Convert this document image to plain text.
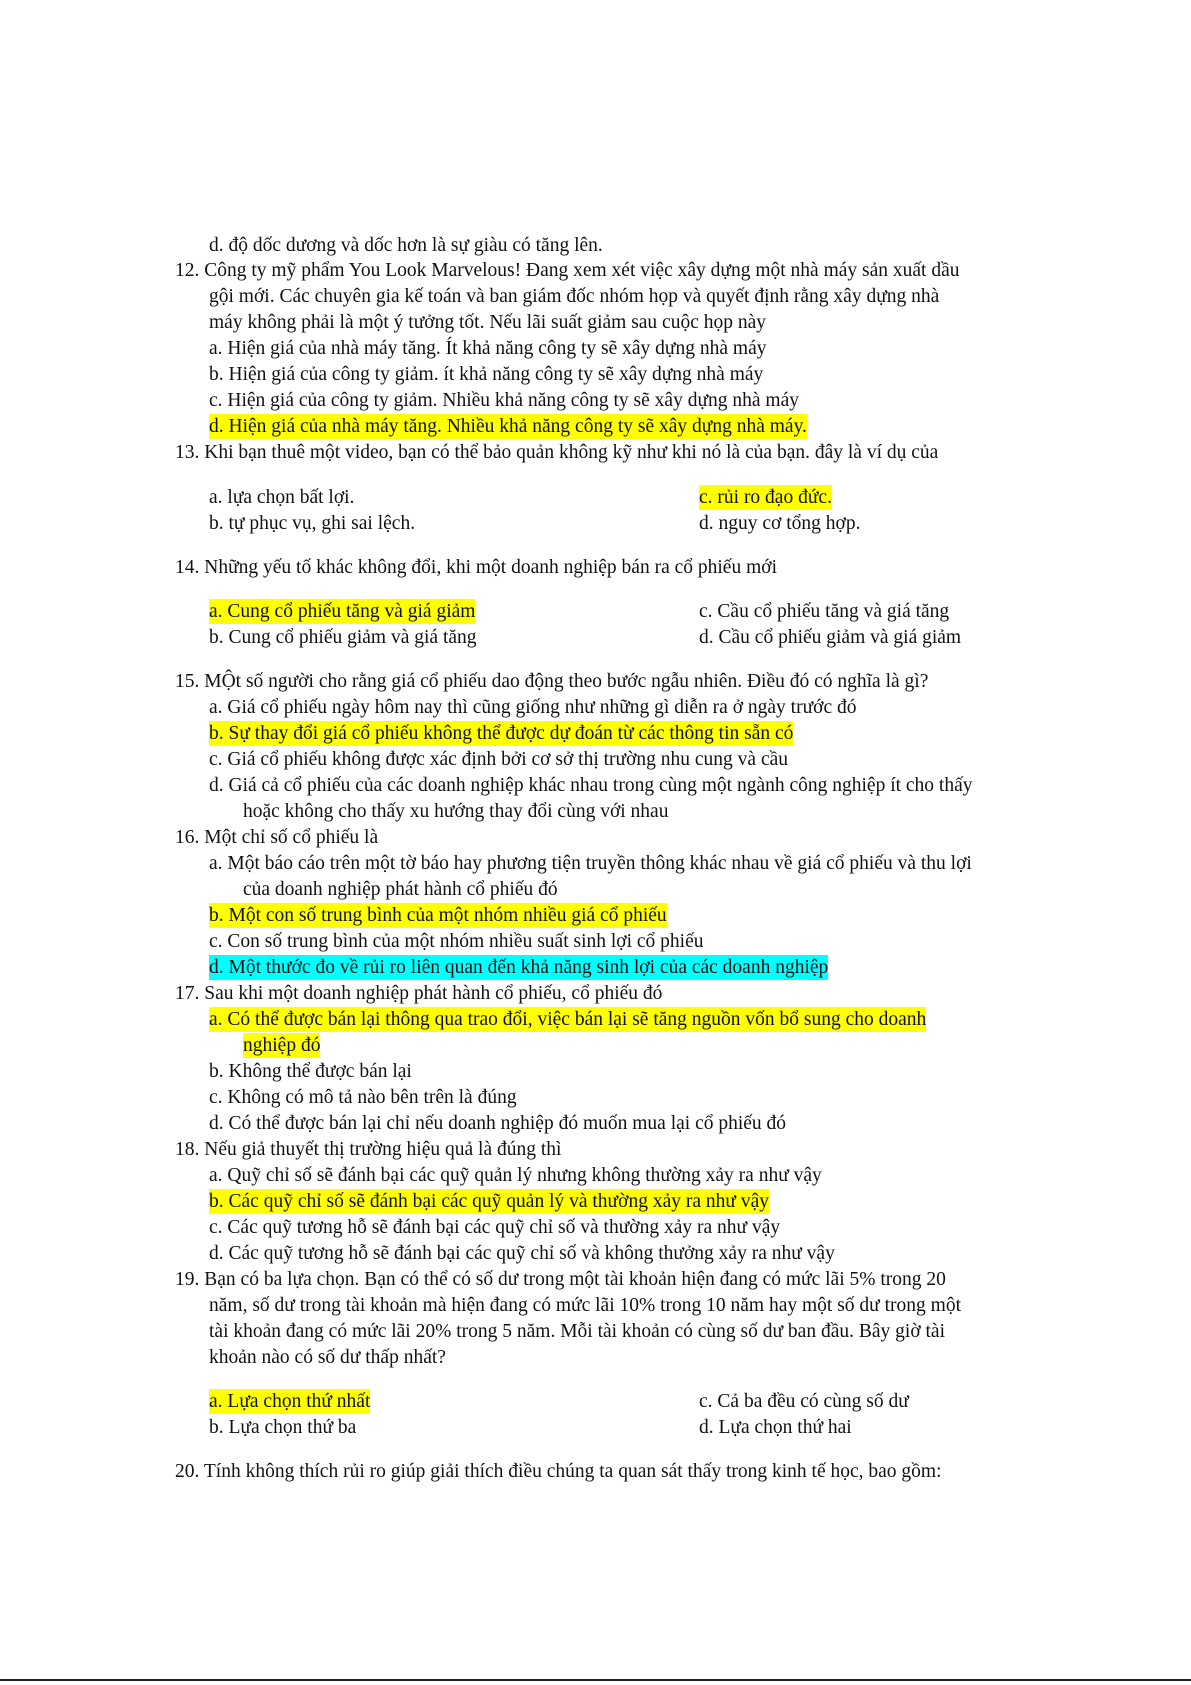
d. độ dốc dương và dốc hơn là sự giàu có tăng lên.
12. Công ty mỹ phẩm You Look Marvelous! Đang xem xét việc xây dựng một nhà máy sản xuất dầu
gội mới. Các chuyên gia kế toán và ban giám đốc nhóm họp và quyết định rằng xây dựng nhà
máy không phải là một ý tưởng tốt. Nếu lãi suất giảm sau cuộc họp này
a. Hiện giá của nhà máy tăng. Ít khả năng công ty sẽ xây dựng nhà máy
b. Hiện giá của công ty giảm. ít khả năng công ty sẽ xây dựng nhà máy
c. Hiện giá của công ty giảm. Nhiều khả năng công ty sẽ xây dựng nhà máy
d. Hiện giá của nhà máy tăng. Nhiều khả năng công ty sẽ xây dựng nhà máy.
13. Khi bạn thuê một video, bạn có thể bảo quản không kỹ như khi nó là của bạn. đây là ví dụ của
a. lựa chọn bất lợi.	c. rủi ro đạo đức.
b. tự phục vụ, ghi sai lệch.	d. nguy cơ tổng hợp.
14. Những yếu tố khác không đổi, khi một doanh nghiệp bán ra cổ phiếu mới
a. Cung cổ phiếu tăng và giá giảm	c. Cầu cổ phiếu tăng và giá tăng
b. Cung cổ phiếu giảm và giá tăng	d. Cầu cổ phiếu giảm và giá giảm
15. MỘt số người cho rằng giá cổ phiếu dao động theo bước ngẫu nhiên. Điều đó có nghĩa là gì?
a. Giá cổ phiếu ngày hôm nay thì cũng giống như những gì diễn ra ở ngày trước đó
b. Sự thay đổi giá cổ phiếu không thể được dự đoán từ các thông tin sẵn có
c. Giá cổ phiếu không được xác định bởi cơ sở thị trường nhu cung và cầu
d. Giá cả cổ phiếu của các doanh nghiệp khác nhau trong cùng một ngành công nghiệp ít cho thấy
hoặc không cho thấy xu hướng thay đổi cùng với nhau
16. Một chỉ số cổ phiếu là
a. Một báo cáo trên một tờ báo hay phương tiện truyền thông khác nhau về giá cổ phiếu và thu lợi
của doanh nghiệp phát hành cổ phiếu đó
b. Một con số trung bình của một nhóm nhiều giá cổ phiếu
c. Con số trung bình của một nhóm nhiều suất sinh lợi cổ phiếu
d. Một thước đo về rủi ro liên quan đến khả năng sinh lợi của các doanh nghiệp
17. Sau khi một doanh nghiệp phát hành cổ phiếu, cổ phiếu đó
a. Có thể được bán lại thông qua trao đổi, việc bán lại sẽ tăng nguồn vốn bổ sung cho doanh
nghiệp đó
b. Không thể được bán lại
c. Không có mô tả nào bên trên là đúng
d. Có thể được bán lại chỉ nếu doanh nghiệp đó muốn mua lại cổ phiếu đó
18. Nếu giả thuyết thị trường hiệu quả là đúng thì
a. Quỹ chỉ số sẽ đánh bại các quỹ quản lý nhưng không thường xảy ra như vậy
b. Các quỹ chỉ số sẽ đánh bại các quỹ quản lý và thường xảy ra như vậy
c. Các quỹ tương hỗ sẽ đánh bại các quỹ chỉ số và thường xảy ra như vậy
d. Các quỹ tương hỗ sẽ đánh bại các quỹ chỉ số và không thưởng xảy ra như vậy
19. Bạn có ba lựa chọn. Bạn có thể có số dư trong một tài khoản hiện đang có mức lãi 5% trong 20
năm, số dư trong tài khoản mà hiện đang có mức lãi 10% trong 10 năm hay một số dư trong một
tài khoản đang có mức lãi 20% trong 5 năm. Mỗi tài khoản có cùng số dư ban đầu. Bây giờ tài
khoản nào có số dư thấp nhất?
a. Lựa chọn thứ nhất	c. Cả ba đều có cùng số dư
b. Lựa chọn thứ ba	d. Lựa chọn thứ hai
20. Tính không thích rủi ro giúp giải thích điều chúng ta quan sát thấy trong kinh tế học, bao gồm:
